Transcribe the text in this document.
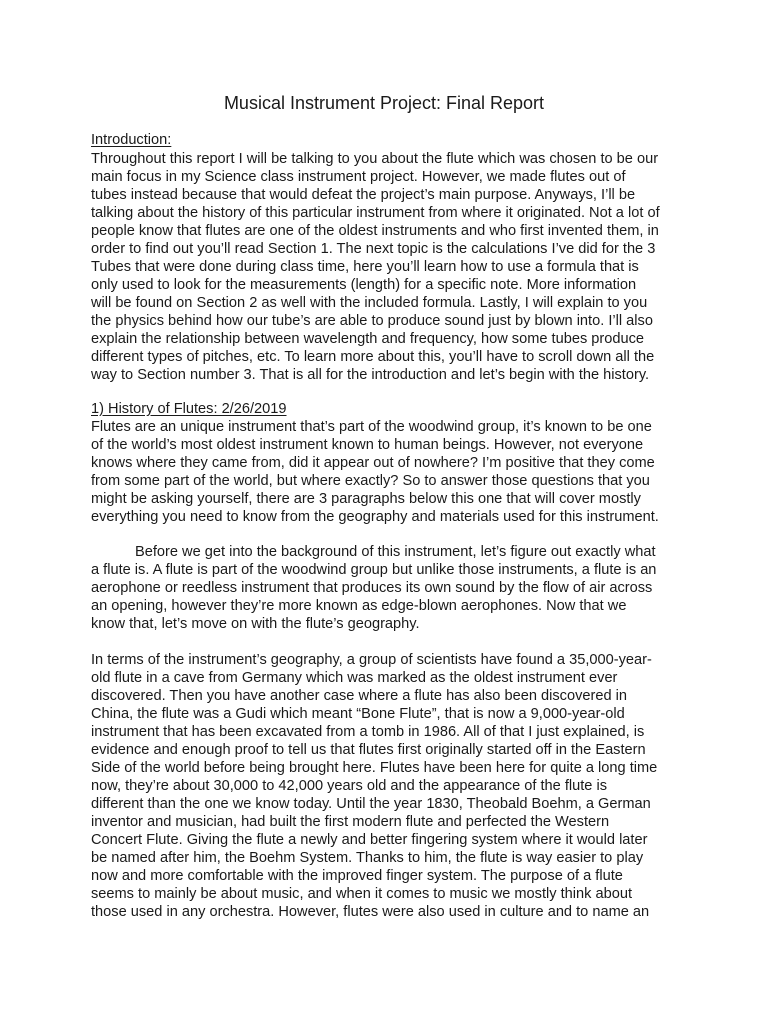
Musical Instrument Project: Final Report

Introduction:

Throughout this report I will be talking to you about the flute which was chosen to be our

main focus in my Science class instrument project. However, we made flutes out of

tubes instead because that would defeat the project’s main purpose. Anyways, I’ll be

talking about the history of this particular instrument from where it originated. Not a lot of

people know that flutes are one of the oldest instruments and who first invented them, in

order to find out you’ll read Section 1. The next topic is the calculations I’ve did for the 3

Tubes that were done during class time, here you’ll learn how to use a formula that is

only used to look for the measurements (length) for a specific note. More information

will be found on Section 2 as well with the included formula. Lastly, I will explain to you

the physics behind how our tube’s are able to produce sound just by blown into. I’ll also

explain the relationship between wavelength and frequency, how some tubes produce

different types of pitches, etc. To learn more about this, you’ll have to scroll down all the

way to Section number 3. That is all for the introduction and let’s begin with the history.

1) History of Flutes: 2/26/2019

Flutes are an unique instrument that’s part of the woodwind group, it’s known to be one

of the world’s most oldest instrument known to human beings. However, not everyone

knows where they came from, did it appear out of nowhere? I’m positive that they come

from some part of the world, but where exactly? So to answer those questions that you

might be asking yourself, there are 3 paragraphs below this one that will cover mostly

everything you need to know from the geography and materials used for this instrument.

Before we get into the background of this instrument, let’s figure out exactly what

a flute is. A flute is part of the woodwind group but unlike those instruments, a flute is an

aerophone or reedless instrument that produces its own sound by the flow of air across

an opening, however they’re more known as edge-blown aerophones. Now that we

know that, let’s move on with the flute’s geography.

In terms of the instrument’s geography, a group of scientists have found a 35,000-year-

old flute in a cave from Germany which was marked as the oldest instrument ever

discovered. Then you have another case where a flute has also been discovered in

China, the flute was a Gudi which meant “Bone Flute”, that is now a 9,000-year-old

instrument that has been excavated from a tomb in 1986. All of that I just explained, is

evidence and enough proof to tell us that flutes first originally started off in the Eastern

Side of the world before being brought here. Flutes have been here for quite a long time

now, they’re about 30,000 to 42,000 years old and the appearance of the flute is

different than the one we know today. Until the year 1830, Theobald Boehm, a German

inventor and musician, had built the first modern flute and perfected the Western

Concert Flute. Giving the flute a newly and better fingering system where it would later

be named after him, the Boehm System. Thanks to him, the flute is way easier to play

now and more comfortable with the improved finger system. The purpose of a flute

seems to mainly be about music, and when it comes to music we mostly think about

those used in any orchestra. However, flutes were also used in culture and to name an
